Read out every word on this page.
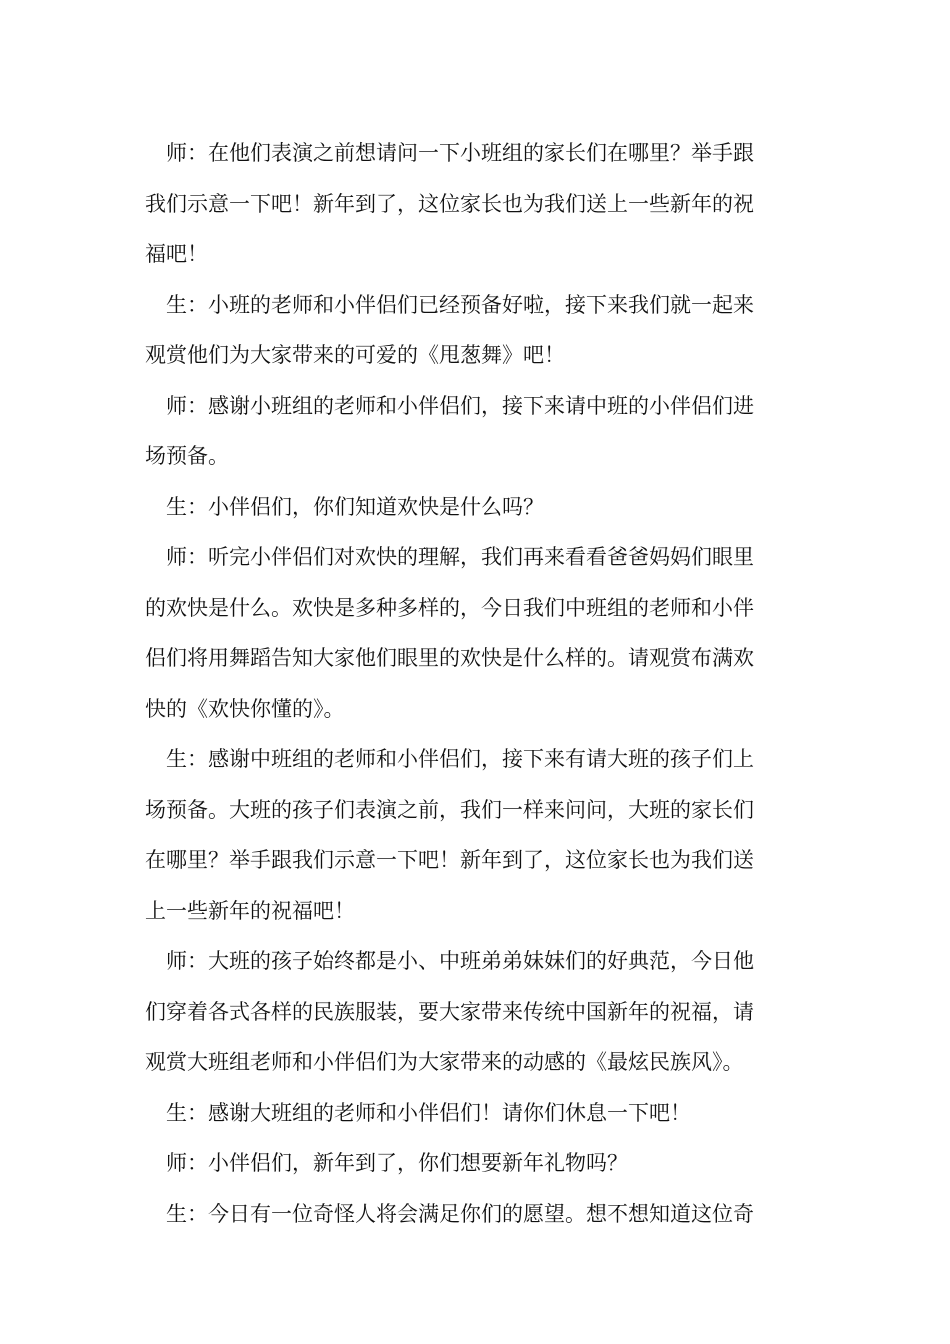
师：在他们表演之前想请问一下小班组的家长们在哪里？举手跟
我们示意一下吧！新年到了，这位家长也为我们送上一些新年的祝
福吧！
生：小班的老师和小伴侣们已经预备好啦，接下来我们就一起来
观赏他们为大家带来的可爱的《甩葱舞》吧！
师：感谢小班组的老师和小伴侣们，接下来请中班的小伴侣们进
场预备。
生：小伴侣们，你们知道欢快是什么吗？
师：听完小伴侣们对欢快的理解，我们再来看看爸爸妈妈们眼里
的欢快是什么。欢快是多种多样的，今日我们中班组的老师和小伴
侣们将用舞蹈告知大家他们眼里的欢快是什么样的。请观赏布满欢
快的《欢快你懂的》。
生：感谢中班组的老师和小伴侣们，接下来有请大班的孩子们上
场预备。大班的孩子们表演之前，我们一样来问问，大班的家长们
在哪里？举手跟我们示意一下吧！新年到了，这位家长也为我们送
上一些新年的祝福吧！
师：大班的孩子始终都是小、中班弟弟妹妹们的好典范，今日他
们穿着各式各样的民族服装，要大家带来传统中国新年的祝福，请
观赏大班组老师和小伴侣们为大家带来的动感的《最炫民族风》。
生：感谢大班组的老师和小伴侣们！请你们休息一下吧！
师：小伴侣们，新年到了，你们想要新年礼物吗？
生：今日有一位奇怪人将会满足你们的愿望。想不想知道这位奇
